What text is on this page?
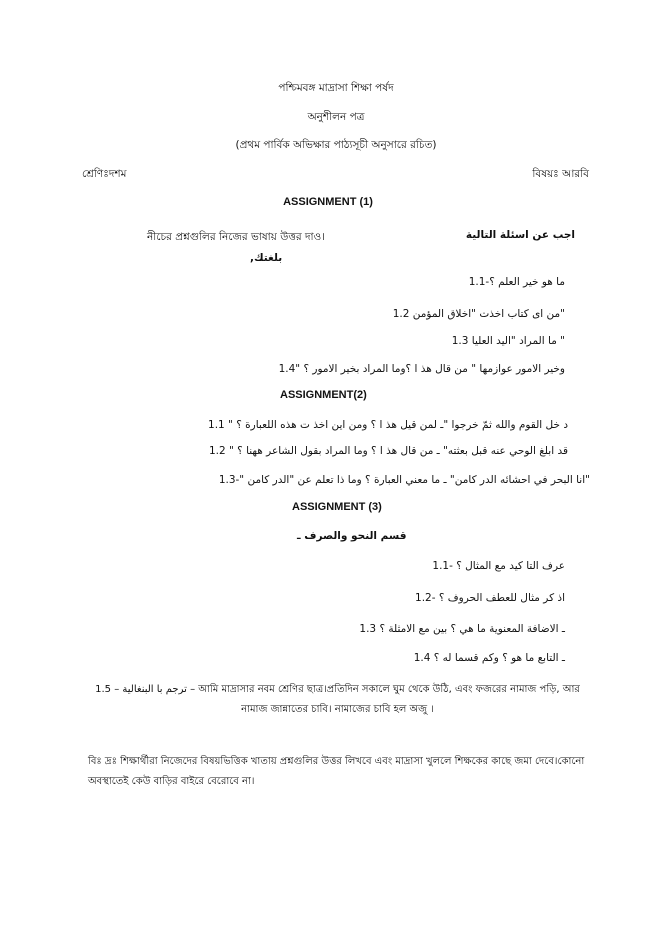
পশ্চিমবঙ্গ মাদ্রাসা শিক্ষা পর্ষদ
অনুশীলন পত্র
(প্রথম পার্বিক অভিক্ষার পাঠ্যসূচী অনুসারে রচিত)
শ্রেণিঃদশম	বিষয়ঃ আরবি
ASSIGNMENT (1)
নীচের প্রশ্নগুলির নিজের ভাষায় উত্তর দাও।	اجب عن اسئلة التالية
بلغتك,
1.1-ما هو خير العلم ؟
1.2 من اى كتاب اخذت "اخلاق المؤمن"
1.3 ما المراد "اليد العليا "
1.4" وخير الامور عوازمها " من قال هذ ا ؟وما المراد بخير الامور ؟
ASSIGNMENT(2)
1.1 " د خل القوم والله ثمّ خرجوا "ـ لمن قيل هذ ا ؟ ومن اين اخذ ت هذه اللعبارة ؟
1.2 " قد ابلغ الوحي عنه قبل بعثته" ـ من قال هذ ا ؟ وما المراد بقول الشاعر ههنا ؟
1.3-" انا البحر في احشائه الدر كامن" ـ ما معني العبارة ؟ وما ذا تعلم عن "الدر كامن"
ASSIGNMENT (3)
قسم النحو والصرف ـ
1.1- عرف التا كيد مع المثال ؟
1.2- اذ كر مثال للعطف الحروف ؟
1.3 ـ الاضافة المعنوية ما هي ؟ بين مع الامثلة ؟
1.4 ـ التابع ما هو ؟ وكم قسما له ؟
1.5 – ترجم با البنغالية – আমি মাদ্রাসার নবম শ্রেণির ছাত্র।প্রতিদিন সকালে ঘুম থেকে উঠি, এবং ফজরের নামাজ পড়ি, আর নামাজ জান্নাতের চাবি। নামাজের চাবি হল অজু ।
বিঃ দ্রঃ শিক্ষার্থীরা নিজেদের বিষয়ভিত্তিক খাতায় প্রশ্নগুলির উত্তর লিখবে এবং মাদ্রাসা খুললে শিক্ষকের কাছে জমা দেবে।কোনো অবস্থাতেই কেউ বাড়ির বাইরে বেরোবে না।
